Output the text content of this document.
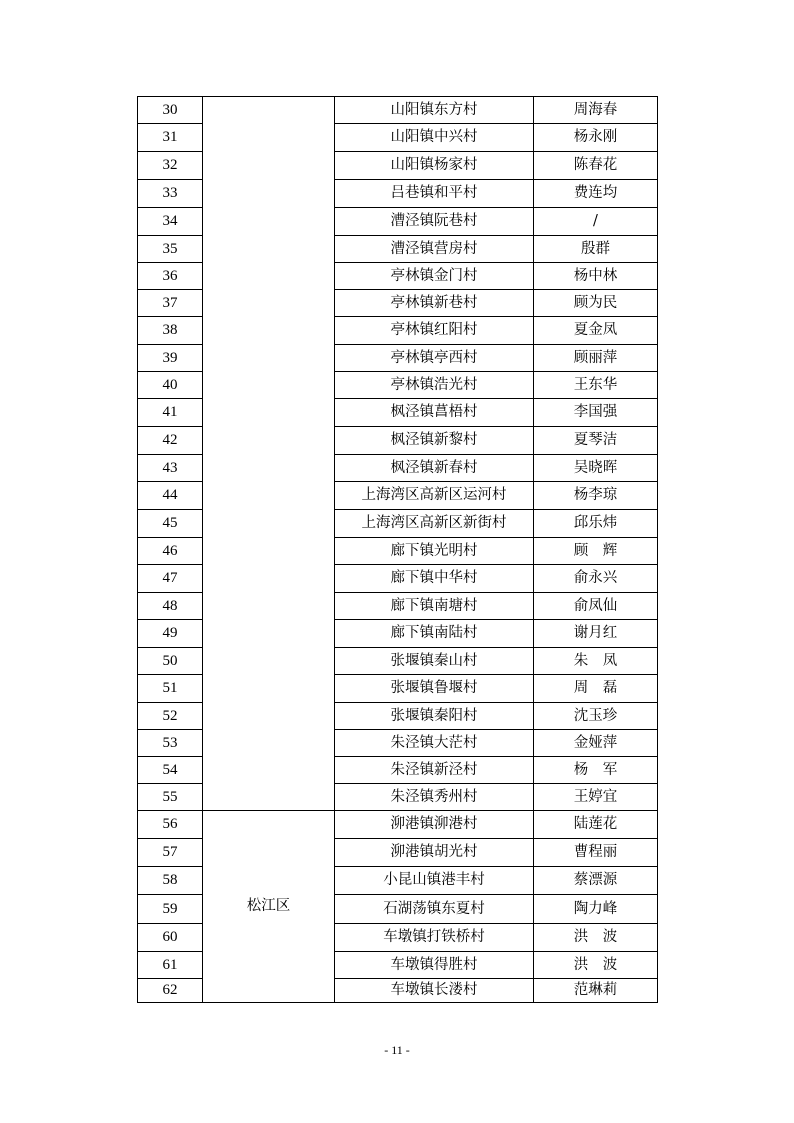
30		山阳镇东方村	周海春
31		山阳镇中兴村	杨永刚
32		山阳镇杨家村	陈春花
33		吕巷镇和平村	费连均
34		漕泾镇阮巷村	/
35		漕泾镇营房村	殷群
36		亭林镇金门村	杨中林
37		亭林镇新巷村	顾为民
38		亭林镇红阳村	夏金凤
39		亭林镇亭西村	顾丽萍
40		亭林镇浩光村	王东华
41		枫泾镇菖梧村	李国强
42		枫泾镇新黎村	夏琴洁
43		枫泾镇新春村	吴晓晖
44		上海湾区高新区运河村	杨李琼
45		上海湾区高新区新街村	邱乐炜
46		廊下镇光明村	顾　辉
47		廊下镇中华村	俞永兴
48		廊下镇南塘村	俞凤仙
49		廊下镇南陆村	谢月红
50		张堰镇秦山村	朱　凤
51		张堰镇鲁堰村	周　磊
52		张堰镇秦阳村	沈玉珍
53		朱泾镇大茫村	金娅萍
54		朱泾镇新泾村	杨　军
55		朱泾镇秀州村	王婷宜
56	松江区	泖港镇泖港村	陆莲花
57		泖港镇胡光村	曹程丽
58		小昆山镇港丰村	蔡漂源
59		石湖荡镇东夏村	陶力峰
60		车墩镇打铁桥村	洪　波
61		车墩镇得胜村	洪　波
62		车墩镇长溇村	范琳莉
- 11 -
